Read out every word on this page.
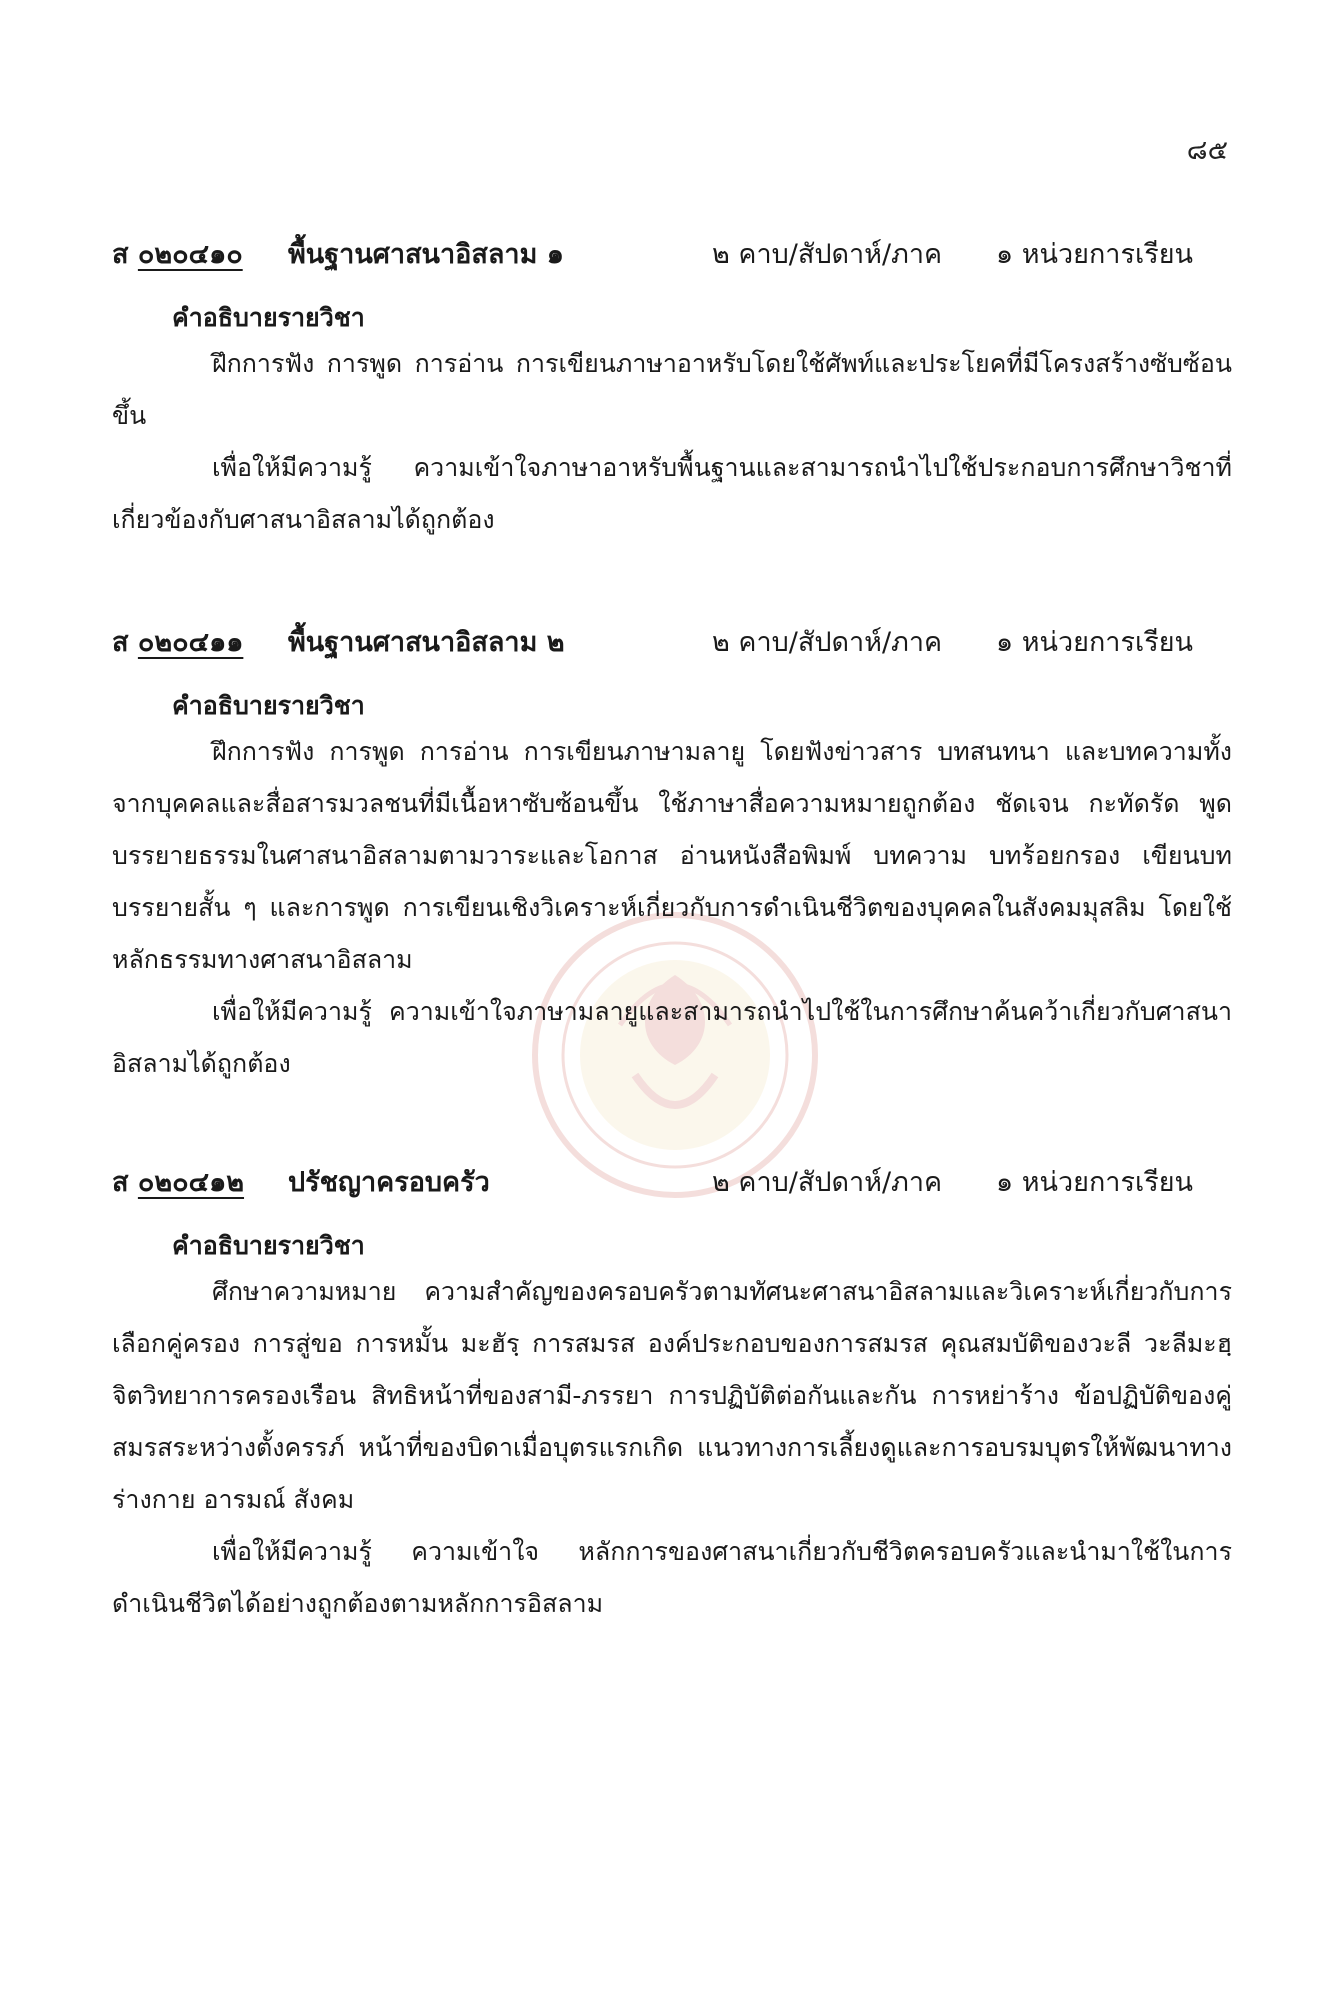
๘๕
ส ๐๒๐๔๑๐ พื้นฐานศาสนาอิสลาม ๑	๒ คาบ/สัปดาห์/ภาค ๑ หน่วยการเรียน
คำอธิบายรายวิชา

ฝึกการฟัง การพูด การอ่าน การเขียนภาษาอาหรับโดยใช้ศัพท์และประโยคที่มีโครงสร้างซับซ้อนขึ้น

เพื่อให้มีความรู้ ความเข้าใจภาษาอาหรับพื้นฐานและสามารถนำไปใช้ประกอบการศึกษาวิชาที่เกี่ยวข้องกับศาสนาอิสลามได้ถูกต้อง

ส ๐๒๐๔๑๑ พื้นฐานศาสนาอิสลาม ๒	๒ คาบ/สัปดาห์/ภาค ๑ หน่วยการเรียน
คำอธิบายรายวิชา

ฝึกการฟัง การพูด การอ่าน การเขียนภาษามลายู โดยฟังข่าวสาร บทสนทนา และบทความทั้งจากบุคคลและสื่อสารมวลชนที่มีเนื้อหาซับซ้อนขึ้น ใช้ภาษาสื่อความหมายถูกต้อง ชัดเจน กะทัดรัด พูดบรรยายธรรมในศาสนาอิสลามตามวาระและโอกาส อ่านหนังสือพิมพ์ บทความ บทร้อยกรอง เขียนบทบรรยายสั้น ๆ และการพูด การเขียนเชิงวิเคราะห์เกี่ยวกับการดำเนินชีวิตของบุคคลในสังคมมุสลิม โดยใช้หลักธรรมทางศาสนาอิสลาม

เพื่อให้มีความรู้ ความเข้าใจภาษามลายูและสามารถนำไปใช้ในการศึกษาค้นคว้าเกี่ยวกับศาสนาอิสลามได้ถูกต้อง

ส ๐๒๐๔๑๒ ปรัชญาครอบครัว	๒ คาบ/สัปดาห์/ภาค ๑ หน่วยการเรียน
คำอธิบายรายวิชา

ศึกษาความหมาย ความสำคัญของครอบครัวตามทัศนะศาสนาอิสลามและวิเคราะห์เกี่ยวกับการเลือกคู่ครอง การสู่ขอ การหมั้น มะฮัรฺ การสมรส องค์ประกอบของการสมรส คุณสมบัติของวะลี วะลีมะฮฺ จิตวิทยาการครองเรือน สิทธิหน้าที่ของสามี-ภรรยา การปฏิบัติต่อกันและกัน การหย่าร้าง ข้อปฏิบัติของคู่สมรสระหว่างตั้งครรภ์ หน้าที่ของบิดาเมื่อบุตรแรกเกิด แนวทางการเลี้ยงดูและการอบรมบุตรให้พัฒนาทางร่างกาย อารมณ์ สังคม

เพื่อให้มีความรู้ ความเข้าใจ หลักการของศาสนาเกี่ยวกับชีวิตครอบครัวและนำมาใช้ในการดำเนินชีวิตได้อย่างถูกต้องตามหลักการอิสลาม
